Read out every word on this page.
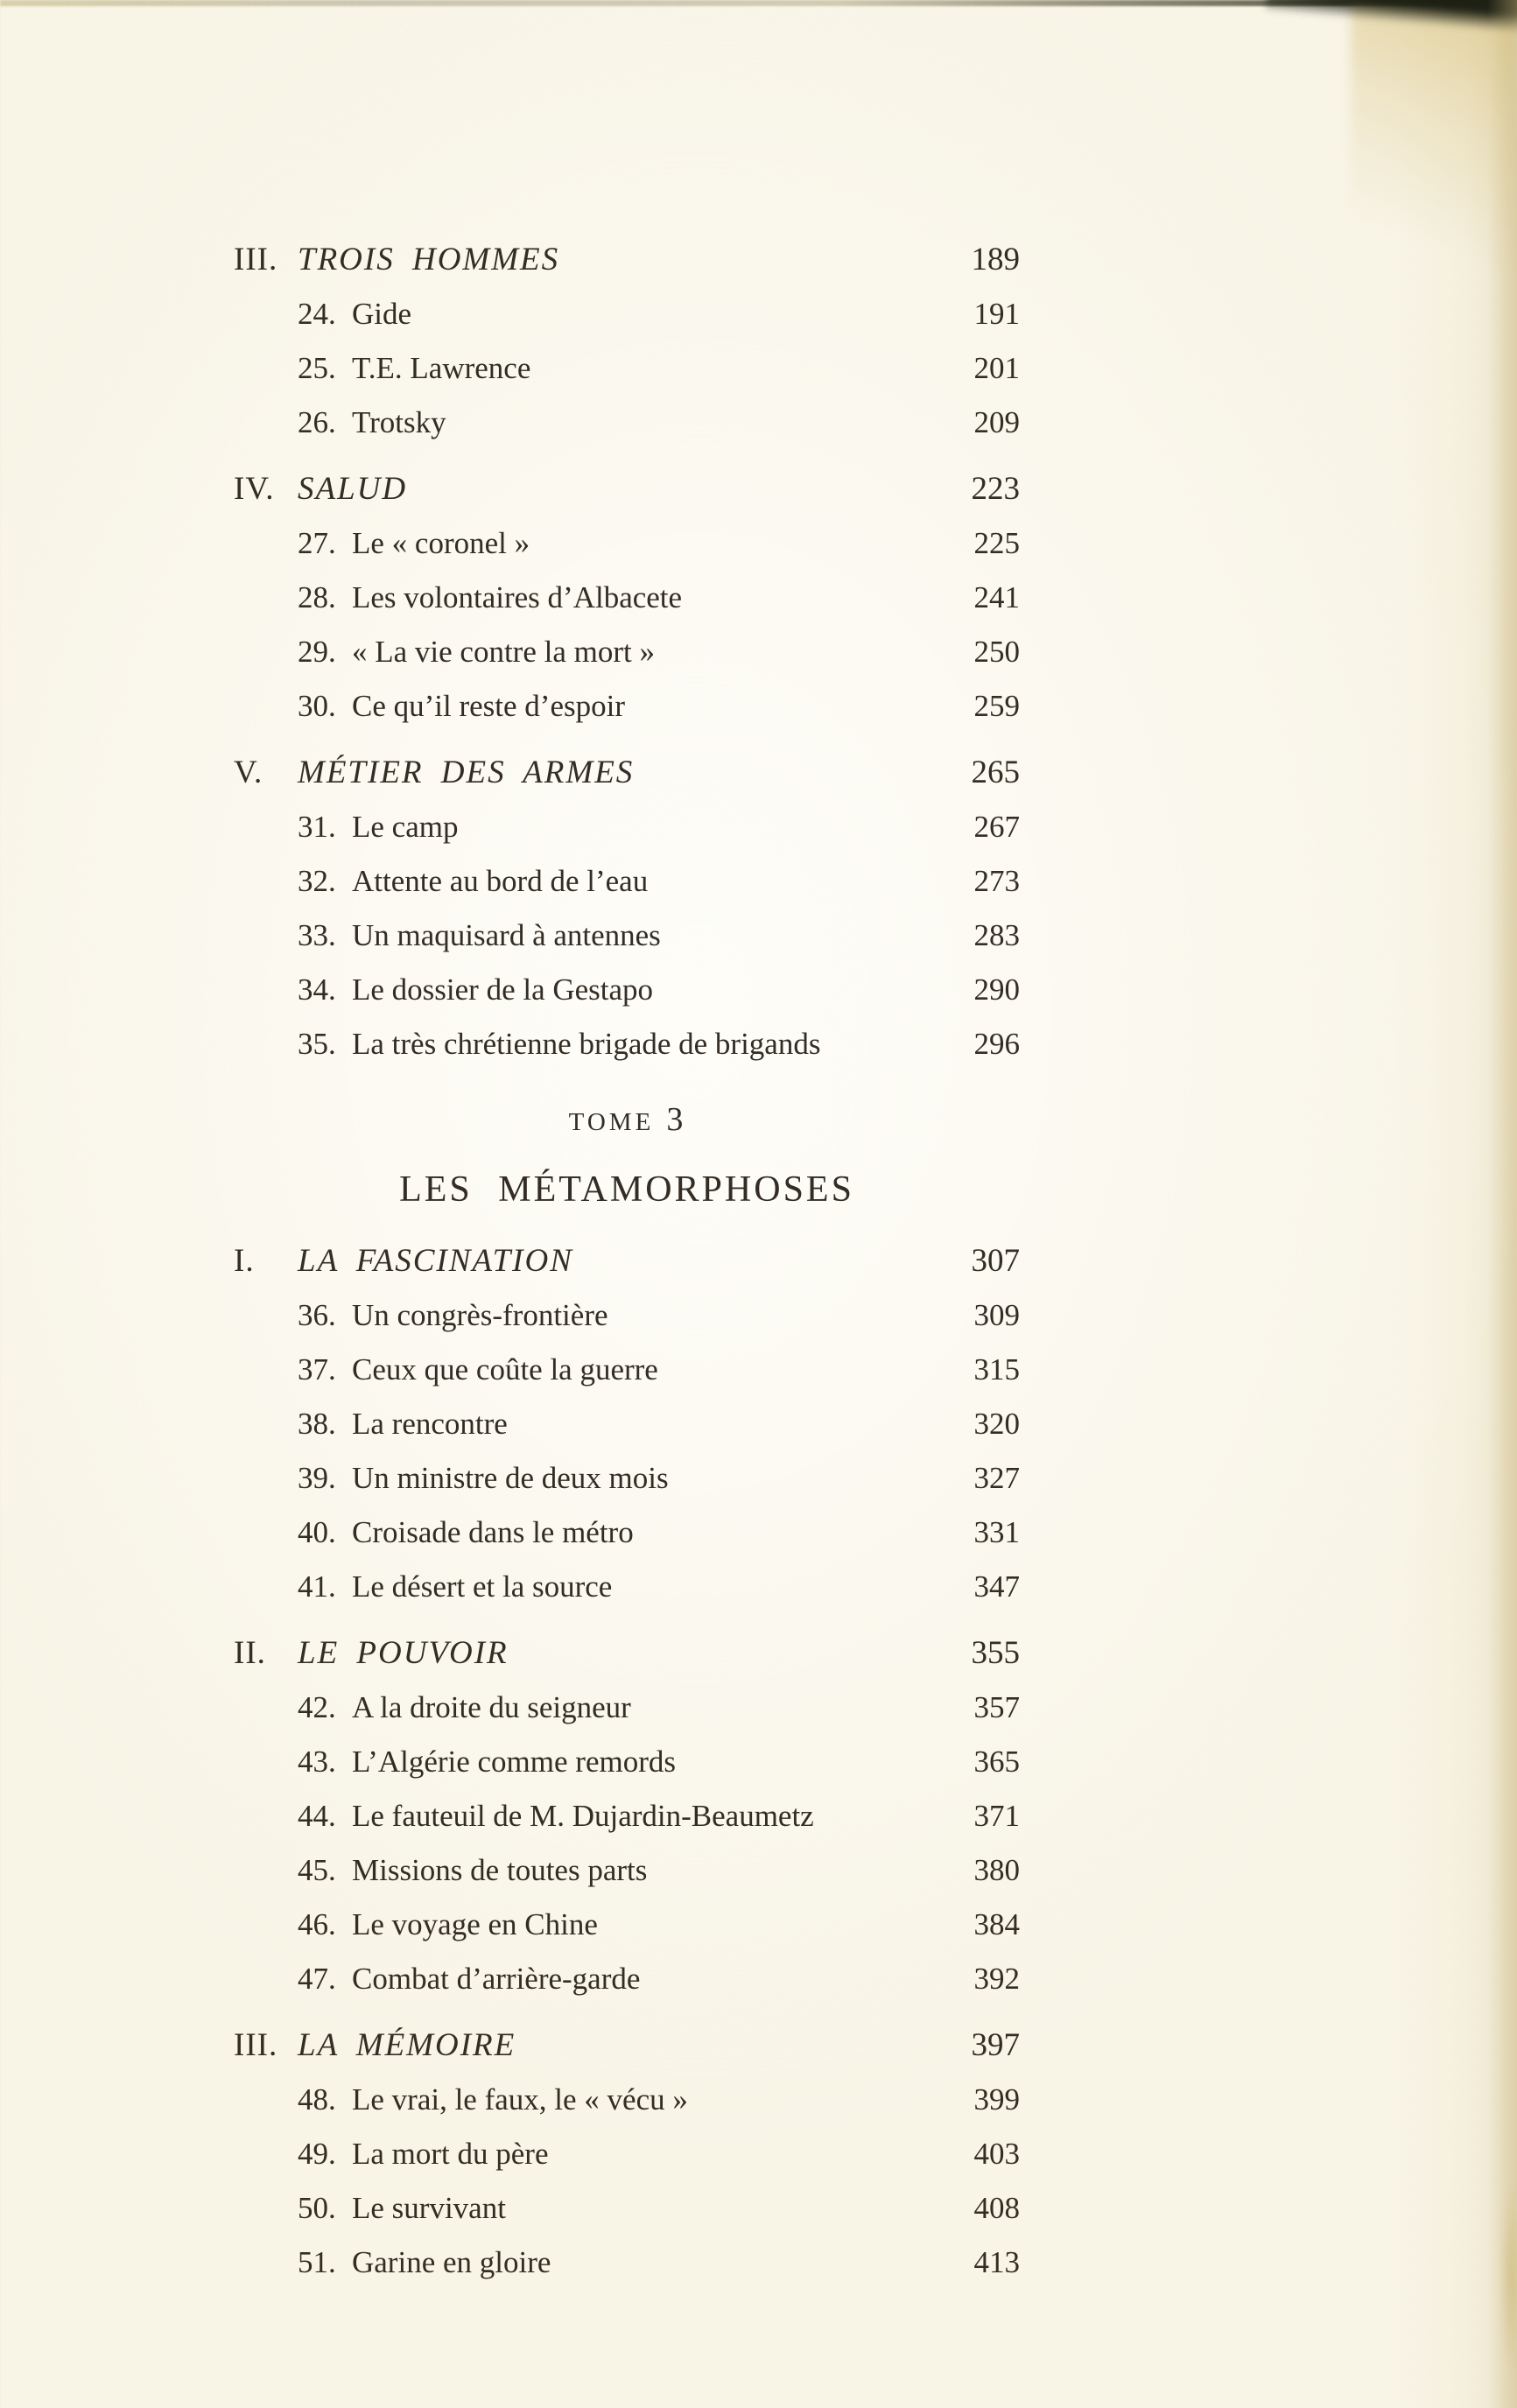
III. TROIS HOMMES	189
24. Gide	191
25. T.E. Lawrence	201
26. Trotsky	209
IV. SALUD	223
27. Le « coronel »	225
28. Les volontaires d’Albacete	241
29. « La vie contre la mort »	250
30. Ce qu’il reste d’espoir	259
V.	MÉTIER DES ARMES	265
31. Le camp	267
32. Attente au bord de l’eau	273
33. Un maquisard à antennes	283
34. Le dossier de la Gestapo	290
35. La très chrétienne brigade de brigands	296
TOME 3
LES MÉTAMORPHOSES
I.	LA FASCINATION	307
36. Un congrès-frontière	309
37. Ceux que coûte la guerre	315
38. La rencontre	320
39. Un ministre de deux mois	327
40. Croisade dans le métro	331
41. Le désert et la source	347
II. LE POUVOIR	355
42. A la droite du seigneur	357
43. L’Algérie comme remords	365
44. Le fauteuil de M. Dujardin-Beaumetz	371
45. Missions de toutes parts	380
46. Le voyage en Chine	384
47. Combat d’arrière-garde	392
III. LA MÉMOIRE	397
48. Le vrai, le faux, le « vécu »	399
49. La mort du père	403
50. Le survivant	408
51. Garine en gloire	413
